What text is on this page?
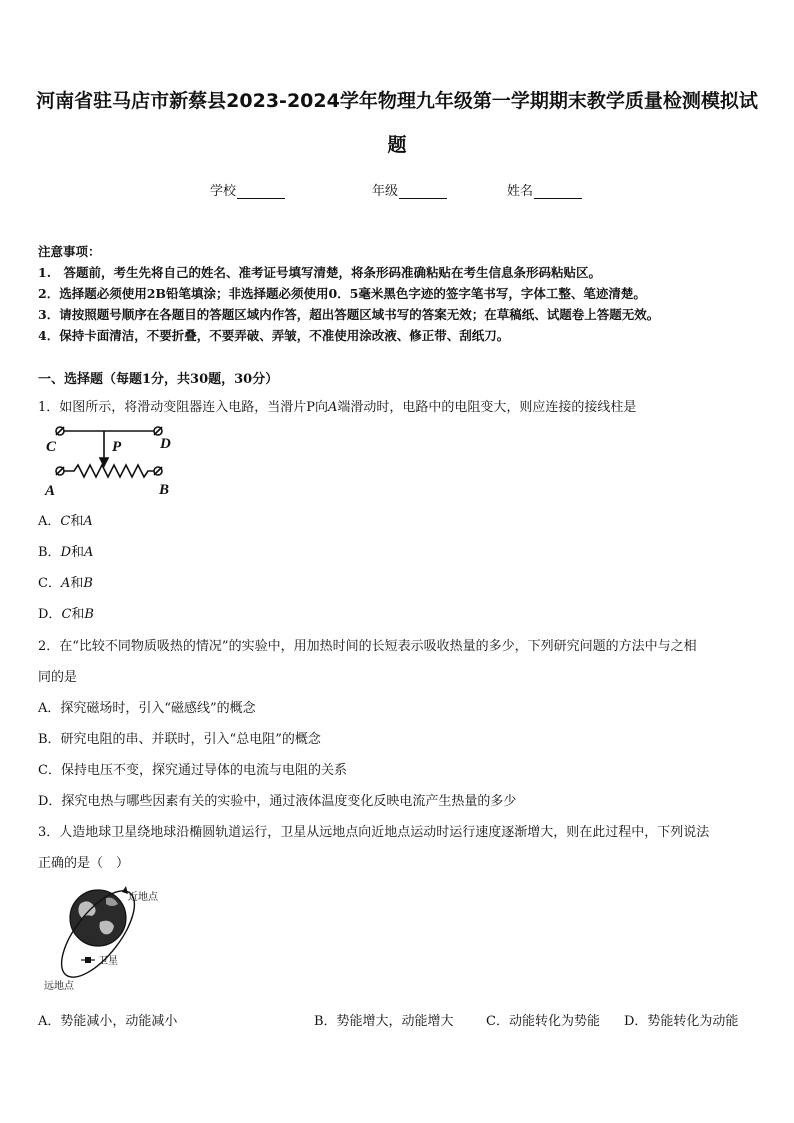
河南省驻马店市新蔡县2023-2024学年物理九年级第一学期期末教学质量检测模拟试
题
学校	年级	姓名
注意事项：
1.　答题前，考生先将自己的姓名、准考证号填写清楚，将条形码准确粘贴在考生信息条形码粘贴区。
2．选择题必须使用2B铅笔填涂；非选择题必须使用0．5毫米黑色字迹的签字笔书写，字体工整、笔迹清楚。
3．请按照题号顺序在各题目的答题区域内作答，超出答题区域书写的答案无效；在草稿纸、试题卷上答题无效。
4．保持卡面清洁，不要折叠，不要弄破、弄皱，不准使用涂改液、修正带、刮纸刀。
一、选择题（每题1分，共30题，30分）
1．如图所示，将滑动变阻器连入电路，当滑片P向A端滑动时，电路中的电阻变大，则应连接的接线柱是
C	D
P
A	B
A．C和A
B．D和A
C．A和B
D．C和B
2．在“比较不同物质吸热的情况”的实验中，用加热时间的长短表示吸收热量的多少，下列研究问题的方法中与之相
同的是
A．探究磁场时，引入“磁感线”的概念
B．研究电阻的串、并联时，引入“总电阻”的概念
C．保持电压不变，探究通过导体的电流与电阻的关系
D．探究电热与哪些因素有关的实验中，通过液体温度变化反映电流产生热量的多少
3．人造地球卫星绕地球沿椭圆轨道运行，卫星从远地点向近地点运动时运行速度逐渐增大，则在此过程中，下列说法
正确的是（　）
近地点
卫星
远地点
A．势能减小，动能减小	B．势能增大，动能增大 C．动能转化为势能 D．势能转化为动能
